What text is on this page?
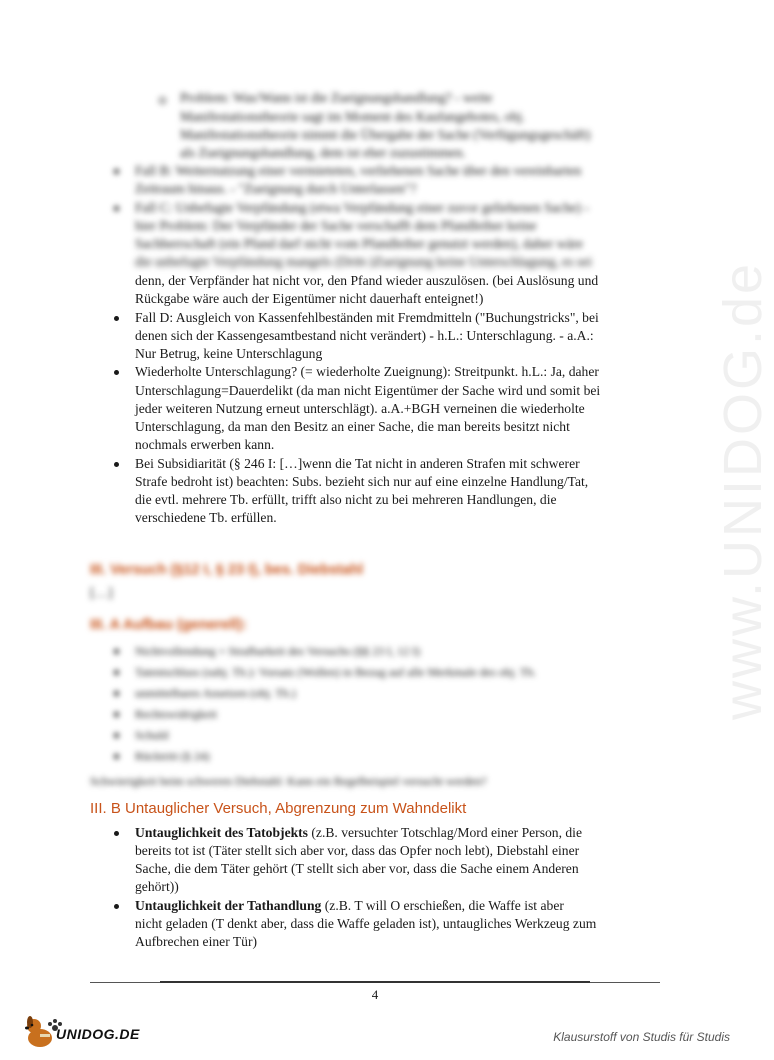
www.UNIDOG.de
Problem: Was/Wann ist die Zueignungshandlung? - weite
Manifestationstheorie sagt im Moment des Kaufangebotes, obj.
Manifestationstheorie nimmt die Übergabe der Sache (Verfügungsgeschäft)
als Zueignungshandlung, dem ist eher zuzustimmen.
Fall B: Weiternutzung einer vermieteten, verliehenen Sache über den vereinbarten
Zeitraum hinaus. - "Zueignung durch Unterlassen"?
Fall C: Unbefugte Verpfändung (etwa Verpfändung einer zuvor geliehenen Sache) -
hier Problem: Der Verpfänder der Sache verschafft dem Pfandleiher keine
Sachherrschaft (ein Pfand darf nicht vom Pfandleiher genutzt werden), daher wäre
die unbefugte Verpfändung mangels (Dritt-)Zueignung keine Unterschlagung, es sei
denn, der Verpfänder hat nicht vor, den Pfand wieder auszulösen. (bei Auslösung und
Rückgabe wäre auch der Eigentümer nicht dauerhaft enteignet!)
Fall D: Ausgleich von Kassenfehlbeständen mit Fremdmitteln ("Buchungstricks", bei
denen sich der Kassengesamtbestand nicht verändert) - h.L.: Unterschlagung. - a.A.:
Nur Betrug, keine Unterschlagung
Wiederholte Unterschlagung? (= wiederholte Zueignung): Streitpunkt. h.L.: Ja, daher
Unterschlagung=Dauerdelikt (da man nicht Eigentümer der Sache wird und somit bei
jeder weiteren Nutzung erneut unterschlägt). a.A.+BGH verneinen die wiederholte
Unterschlagung, da man den Besitz an einer Sache, die man bereits besitzt nicht
nochmals erwerben kann.
Bei Subsidiarität (§ 246 I: […]wenn die Tat nicht in anderen Strafen mit schwerer
Strafe bedroht ist) beachten: Subs. bezieht sich nur auf eine einzelne Handlung/Tat,
die evtl. mehrere Tb. erfüllt, trifft also nicht zu bei mehreren Handlungen, die
verschiedene Tb. erfüllen.
III. Versuch (§12 I, § 23 I), bes. Diebstahl
[…]
III. A Aufbau (generell):
Nichtvollendung + Strafbarkeit des Versuchs (§§ 23 I, 12 I)
Tatentschluss (subj. Tb.): Vorsatz (Wollen) in Bezug auf alle Merkmale des obj. Tb.
unmittelbares Ansetzen (obj. Tb.)
Rechtswidrigkeit
Schuld
Rücktritt (§ 24)
Schwierigkeit beim schweren Diebstahl: Kann ein Regelbeispiel versucht werden?
III. B Untauglicher Versuch, Abgrenzung zum Wahndelikt
Untauglichkeit des Tatobjekts (z.B. versuchter Totschlag/Mord einer Person, die
bereits tot ist (Täter stellt sich aber vor, dass das Opfer noch lebt), Diebstahl einer
Sache, die dem Täter gehört (T stellt sich aber vor, dass die Sache einem Anderen
gehört))
Untauglichkeit der Tathandlung (z.B. T will O erschießen, die Waffe ist aber
nicht geladen (T denkt aber, dass die Waffe geladen ist), untaugliches Werkzeug zum
Aufbrechen einer Tür)
4
UNIDOG.DE	Klausurstoff von Studis für Studis
